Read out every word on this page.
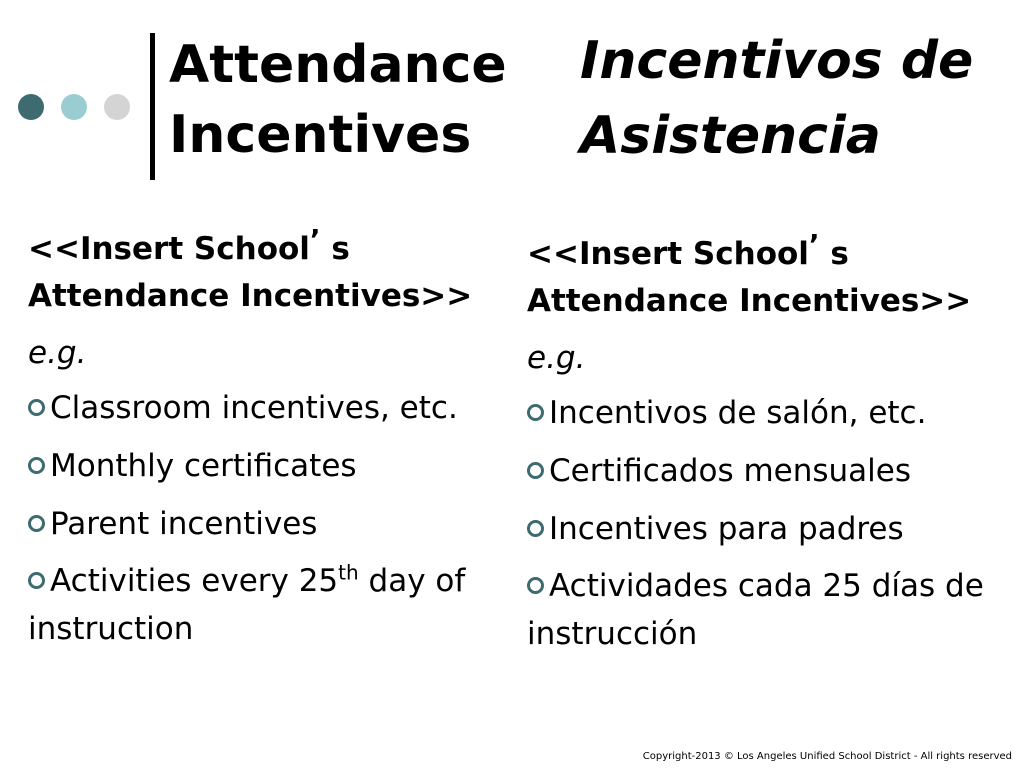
Attendance
Incentives
Incentivos de
Asistencia
<<Insert School’ s
Attendance Incentives>>
e.g.
Classroom incentives, etc.
Monthly certificates
Parent incentives
Activities every 25th day of instruction
<<Insert School’ s
Attendance Incentives>>
e.g.
Incentivos de salón, etc.
Certificados mensuales
Incentives para padres
Actividades cada 25 días de instrucción
Copyright-2013 © Los Angeles Unified School District - All rights reserved
